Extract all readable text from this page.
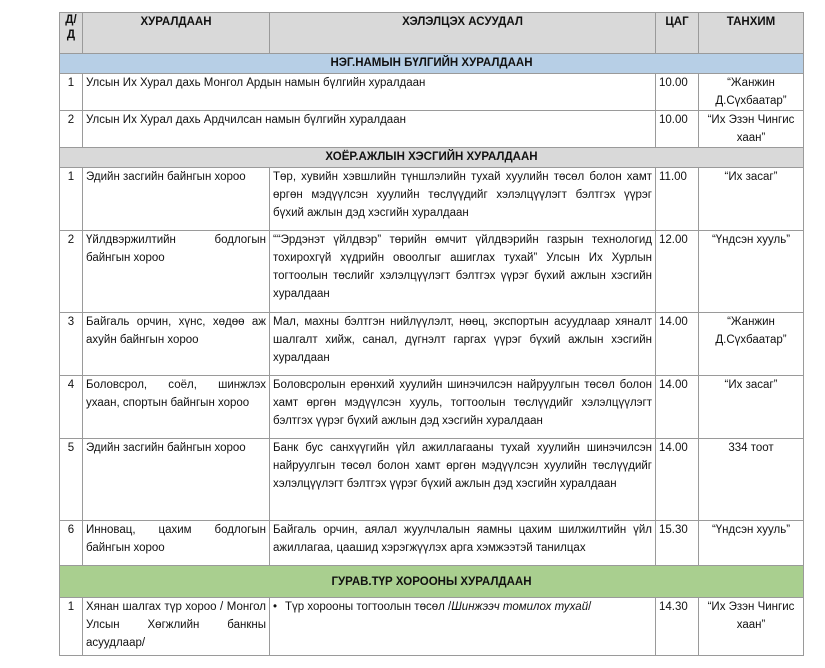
Д/
Д	ХУРАЛДААН	ХЭЛЭЛЦЭХ АСУУДАЛ	ЦАГ	ТАНХИМ
НЭГ.НАМЫН БҮЛГИЙН ХУРАЛДААН				
1	Улсын Их Хурал дахь Монгол Ардын намын бүлгийн хуралдаан		10.00	“Жанжин Д.Сүхбаатар”
2	Улсын Их Хурал дахь Ардчилсан намын бүлгийн хуралдаан		10.00	“Их Эзэн Чингис хаан”
ХОЁР.АЖЛЫН ХЭСГИЙН ХУРАЛДААН				
1	Эдийн засгийн байнгын хороо	Төр, хувийн хэвшлийн түншлэлийн тухай хуулийн төсөл болон хамт өргөн мэдүүлсэн хуулийн төслүүдийг хэлэлцүүлэгт бэлтгэх үүрэг бүхий ажлын дэд хэсгийн хуралдаан	11.00	“Их засаг”
2	Үйлдвэржилтийн бодлогын байнгын хороо	““Эрдэнэт үйлдвэр” төрийн өмчит үйлдвэрийн газрын технологид тохирохгүй хүдрийн овоолгыг ашиглах тухай” Улсын Их Хурлын тогтоолын төслийг хэлэлцүүлэгт бэлтгэх үүрэг бүхий ажлын хэсгийн хуралдаан	12.00	“Үндсэн хууль”
3	Байгаль орчин, хүнс, хөдөө аж ахуйн байнгын хороо	Мал, махны бэлтгэн нийлүүлэлт, нөөц, экспортын асуудлаар хяналт шалгалт хийж, санал, дүгнэлт гаргах үүрэг бүхий ажлын хэсгийн хуралдаан	14.00	“Жанжин Д.Сүхбаатар”
4	Боловсрол, соёл, шинжлэх ухаан, спортын байнгын хороо	Боловсролын ерөнхий хуулийн шинэчилсэн найруулгын төсөл болон хамт өргөн мэдүүлсэн хууль, тогтоолын төслүүдийг хэлэлцүүлэгт бэлтгэх үүрэг бүхий ажлын дэд хэсгийн хуралдаан	14.00	“Их засаг”
5	Эдийн засгийн байнгын хороо	Банк бус санхүүгийн үйл ажиллагааны тухай хуулийн шинэчилсэн найруулгын төсөл болон хамт өргөн мэдүүлсэн хуулийн төслүүдийг хэлэлцүүлэгт бэлтгэх үүрэг бүхий ажлын дэд хэсгийн хуралдаан	14.00	334 тоот
6	Инновац, цахим бодлогын байнгын хороо	Байгаль орчин, аялал жуулчлалын яамны цахим шилжилтийн үйл ажиллагаа, цаашид хэрэгжүүлэх арга хэмжээтэй танилцах	15.30	“Үндсэн хууль”
ГУРАВ.ТҮР ХОРООНЫ ХУРАЛДААН				
1	Хянан шалгах түр хороо / Монгол Улсын Хөгжлийн банкны асуудлаар/	• Түр хорооны тогтоолын төсөл /Шинжээч томилох тухай/	14.30	“Их Эзэн Чингис хаан”
